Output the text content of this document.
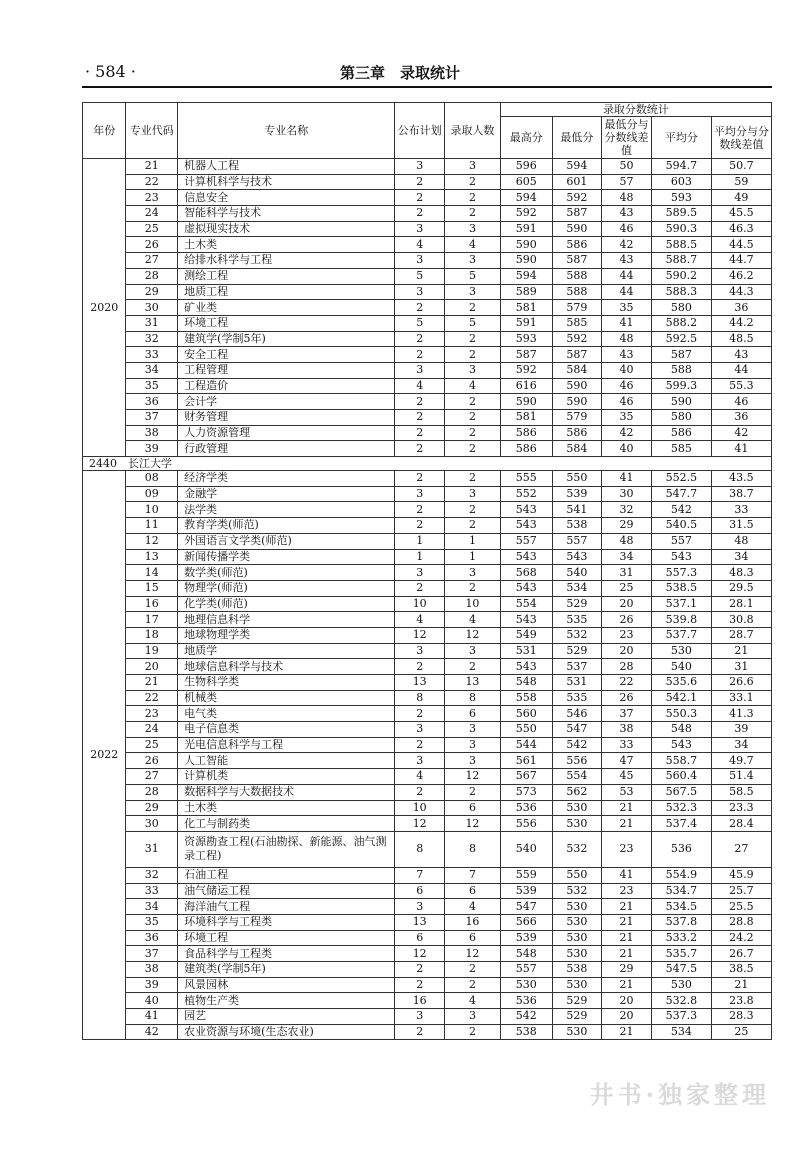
· 584 ·	第三章　录取统计
年份	专业代码	专业名称	公布计划	录取人数	录取分数统计				
					最高分	最低分	最低分与分数线差值	平均分	平均分与分数线差值
2020	21	机器人工程	3	3	596	594	50	594.7	50.7
	22	计算机科学与技术	2	2	605	601	57	603	59
	23	信息安全	2	2	594	592	48	593	49
	24	智能科学与技术	2	2	592	587	43	589.5	45.5
	25	虚拟现实技术	3	3	591	590	46	590.3	46.3
	26	土木类	4	4	590	586	42	588.5	44.5
	27	给排水科学与工程	3	3	590	587	43	588.7	44.7
	28	测绘工程	5	5	594	588	44	590.2	46.2
	29	地质工程	3	3	589	588	44	588.3	44.3
	30	矿业类	2	2	581	579	35	580	36
	31	环境工程	5	5	591	585	41	588.2	44.2
	32	建筑学(学制5年)	2	2	593	592	48	592.5	48.5
	33	安全工程	2	2	587	587	43	587	43
	34	工程管理	3	3	592	584	40	588	44
	35	工程造价	4	4	616	590	46	599.3	55.3
	36	会计学	2	2	590	590	46	590	46
	37	财务管理	2	2	581	579	35	580	36
	38	人力资源管理	2	2	586	586	42	586	42
	39	行政管理	2	2	586	584	40	585	41
2440　长江大学									
2022	08	经济学类	2	2	555	550	41	552.5	43.5
	09	金融学	3	3	552	539	30	547.7	38.7
	10	法学类	2	2	543	541	32	542	33
	11	教育学类(师范)	2	2	543	538	29	540.5	31.5
	12	外国语言文学类(师范)	1	1	557	557	48	557	48
	13	新闻传播学类	1	1	543	543	34	543	34
	14	数学类(师范)	3	3	568	540	31	557.3	48.3
	15	物理学(师范)	2	2	543	534	25	538.5	29.5
	16	化学类(师范)	10	10	554	529	20	537.1	28.1
	17	地理信息科学	4	4	543	535	26	539.8	30.8
	18	地球物理学类	12	12	549	532	23	537.7	28.7
	19	地质学	3	3	531	529	20	530	21
	20	地球信息科学与技术	2	2	543	537	28	540	31
	21	生物科学类	13	13	548	531	22	535.6	26.6
	22	机械类	8	8	558	535	26	542.1	33.1
	23	电气类	2	6	560	546	37	550.3	41.3
	24	电子信息类	3	3	550	547	38	548	39
	25	光电信息科学与工程	2	3	544	542	33	543	34
	26	人工智能	3	3	561	556	47	558.7	49.7
	27	计算机类	4	12	567	554	45	560.4	51.4
	28	数据科学与大数据技术	2	2	573	562	53	567.5	58.5
	29	土木类	10	6	536	530	21	532.3	23.3
	30	化工与制药类	12	12	556	530	21	537.4	28.4
	31	资源勘查工程(石油勘探、新能源、油气测录工程)	8	8	540	532	23	536	27
	32	石油工程	7	7	559	550	41	554.9	45.9
	33	油气储运工程	6	6	539	532	23	534.7	25.7
	34	海洋油气工程	3	4	547	530	21	534.5	25.5
	35	环境科学与工程类	13	16	566	530	21	537.8	28.8
	36	环境工程	6	6	539	530	21	533.2	24.2
	37	食品科学与工程类	12	12	548	530	21	535.7	26.7
	38	建筑类(学制5年)	2	2	557	538	29	547.5	38.5
	39	风景园林	2	2	530	530	21	530	21
	40	植物生产类	16	4	536	529	20	532.8	23.8
	41	园艺	3	3	542	529	20	537.3	28.3
	42	农业资源与环境(生态农业)	2	2	538	530	21	534	25
井书·独家整理
